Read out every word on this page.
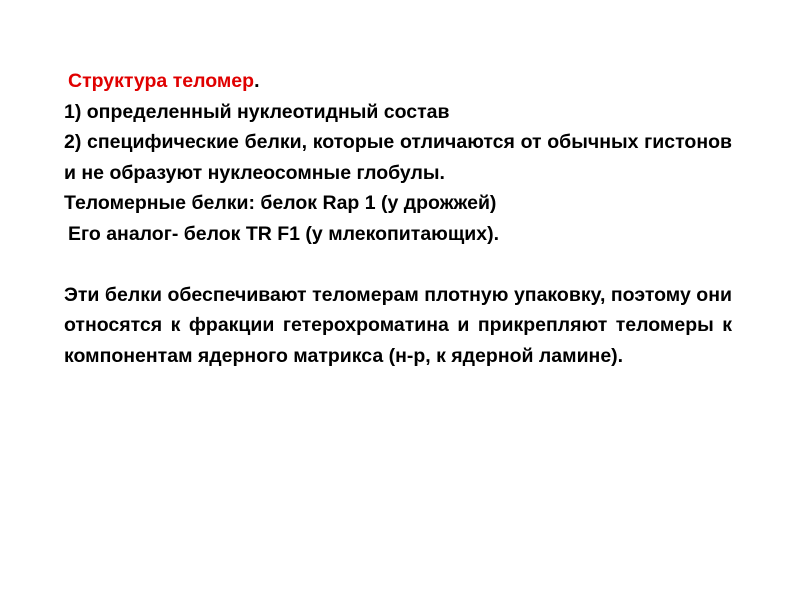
Структура теломер.

1) определенный нуклеотидный состав

2) специфические белки, которые отличаются от обычных гистонов и не образуют нуклеосомные глобулы.

Теломерные белки: белок Rap 1 (у дрожжей)

Его аналог- белок TR F1 (у млекопитающих).

Эти белки обеспечивают теломерам плотную упаковку, поэтому они относятся к фракции гетерохроматина и прикрепляют теломеры к компонентам ядерного матрикса (н-р, к ядерной ламине).
